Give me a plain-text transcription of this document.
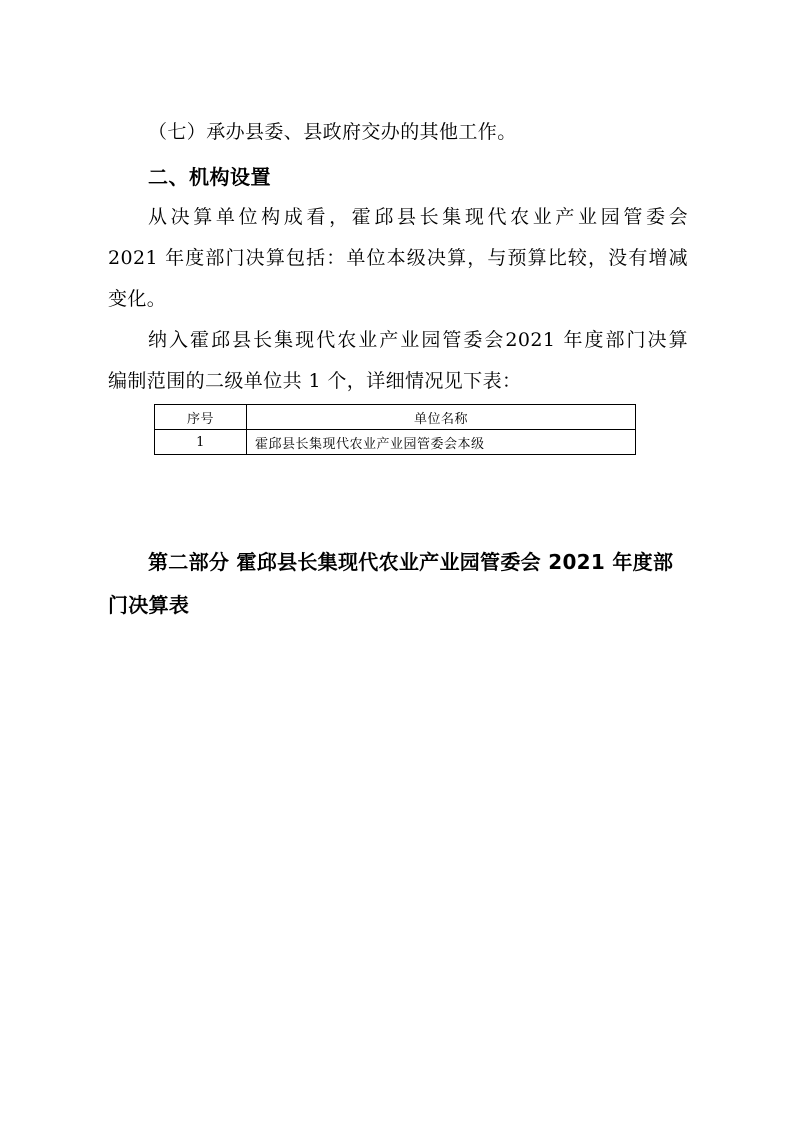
（七）承办县委、县政府交办的其他工作。
二、机构设置
从决算单位构成看，霍邱县长集现代农业产业园管委会
2021 年度部门决算包括：单位本级决算，与预算比较，没有增减
变化。
纳入霍邱县长集现代农业产业园管委会2021 年度部门决算
编制范围的二级单位共 1 个，详细情况见下表：
序号	单位名称
1	霍邱县长集现代农业产业园管委会本级
第二部分 霍邱县长集现代农业产业园管委会 2021 年度部
门决算表
